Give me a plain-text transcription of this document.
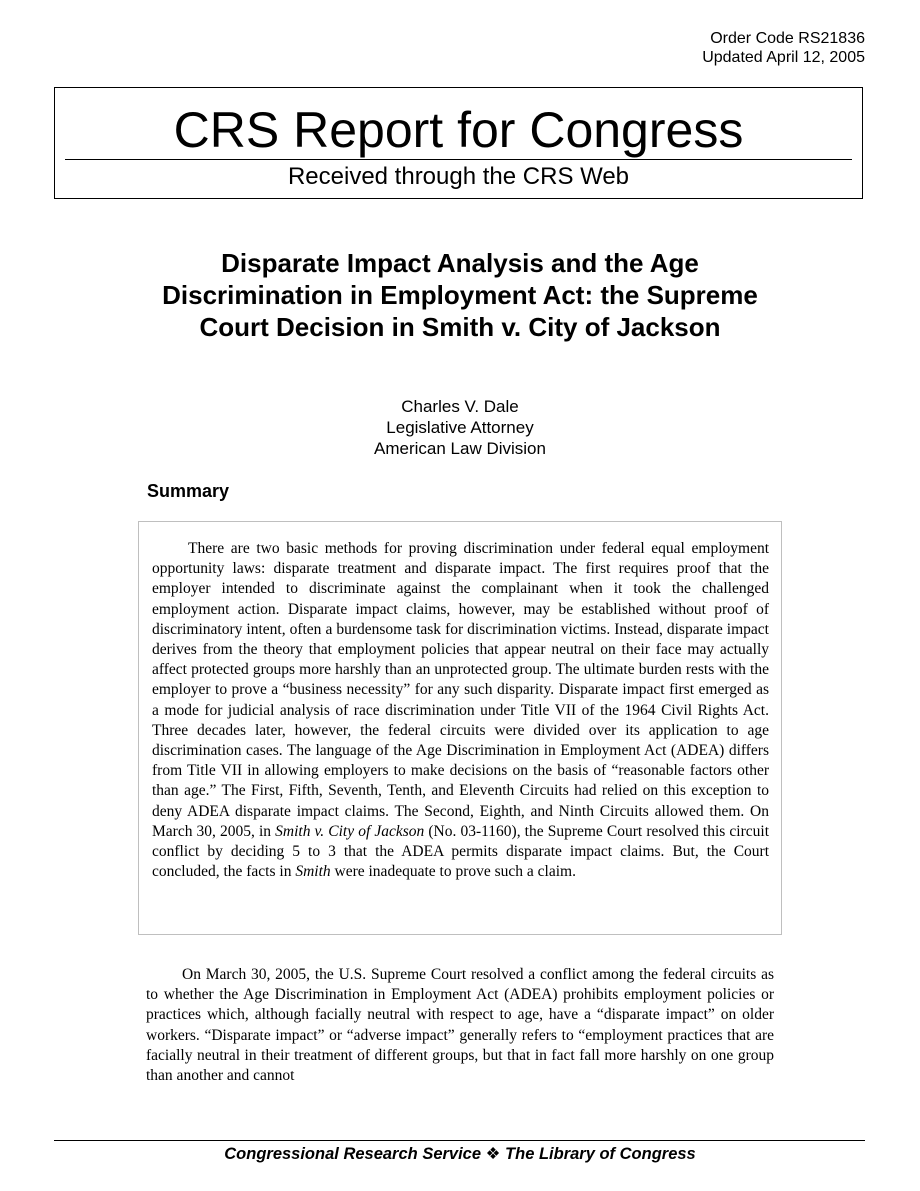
Order Code RS21836
Updated April 12, 2005
CRS Report for Congress
Received through the CRS Web
Disparate Impact Analysis and the Age Discrimination in Employment Act: the Supreme Court Decision in Smith v. City of Jackson
Charles V. Dale
Legislative Attorney
American Law Division
Summary

There are two basic methods for proving discrimination under federal equal employment opportunity laws: disparate treatment and disparate impact. The first requires proof that the employer intended to discriminate against the complainant when it took the challenged employment action. Disparate impact claims, however, may be established without proof of discriminatory intent, often a burdensome task for discrimination victims. Instead, disparate impact derives from the theory that employment policies that appear neutral on their face may actually affect protected groups more harshly than an unprotected group. The ultimate burden rests with the employer to prove a “business necessity” for any such disparity. Disparate impact first emerged as a mode for judicial analysis of race discrimination under Title VII of the 1964 Civil Rights Act. Three decades later, however, the federal circuits were divided over its application to age discrimination cases. The language of the Age Discrimination in Employment Act (ADEA) differs from Title VII in allowing employers to make decisions on the basis of “reasonable factors other than age.” The First, Fifth, Seventh, Tenth, and Eleventh Circuits had relied on this exception to deny ADEA disparate impact claims. The Second, Eighth, and Ninth Circuits allowed them. On March 30, 2005, in Smith v. City of Jackson (No. 03-1160), the Supreme Court resolved this circuit conflict by deciding 5 to 3 that the ADEA permits disparate impact claims. But, the Court concluded, the facts in Smith were inadequate to prove such a claim.

On March 30, 2005, the U.S. Supreme Court resolved a conflict among the federal circuits as to whether the Age Discrimination in Employment Act (ADEA) prohibits employment policies or practices which, although facially neutral with respect to age, have a “disparate impact” on older workers. “Disparate impact” or “adverse impact” generally refers to “employment practices that are facially neutral in their treatment of different groups, but that in fact fall more harshly on one group than another and cannot

Congressional Research Service ❖ The Library of Congress
